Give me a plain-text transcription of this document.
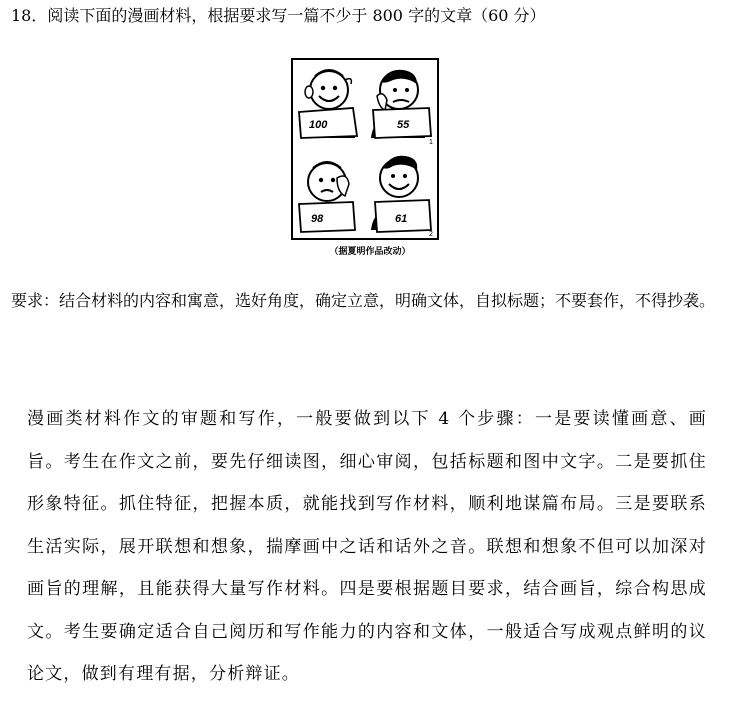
18．阅读下面的漫画材料，根据要求写一篇不少于 800 字的文章（60 分）
100	55
1
98	61
2
（据夏明作品改动）
要求：结合材料的内容和寓意，选好角度，确定立意，明确文体，自拟标题；不要套作，不得抄袭。
漫画类材料作文的审题和写作，一般要做到以下 4 个步骤：一是要读懂画意、画旨。考生在作文之前，要先仔细读图，细心审阅，包括标题和图中文字。二是要抓住形象特征。抓住特征，把握本质，就能找到写作材料，顺利地谋篇布局。三是要联系生活实际，展开联想和想象，揣摩画中之话和话外之音。联想和想象不但可以加深对画旨的理解，且能获得大量写作材料。四是要根据题目要求，结合画旨，综合构思成文。考生要确定适合自己阅历和写作能力的内容和文体，一般适合写成观点鲜明的议论文，做到有理有据，分析辩证。
